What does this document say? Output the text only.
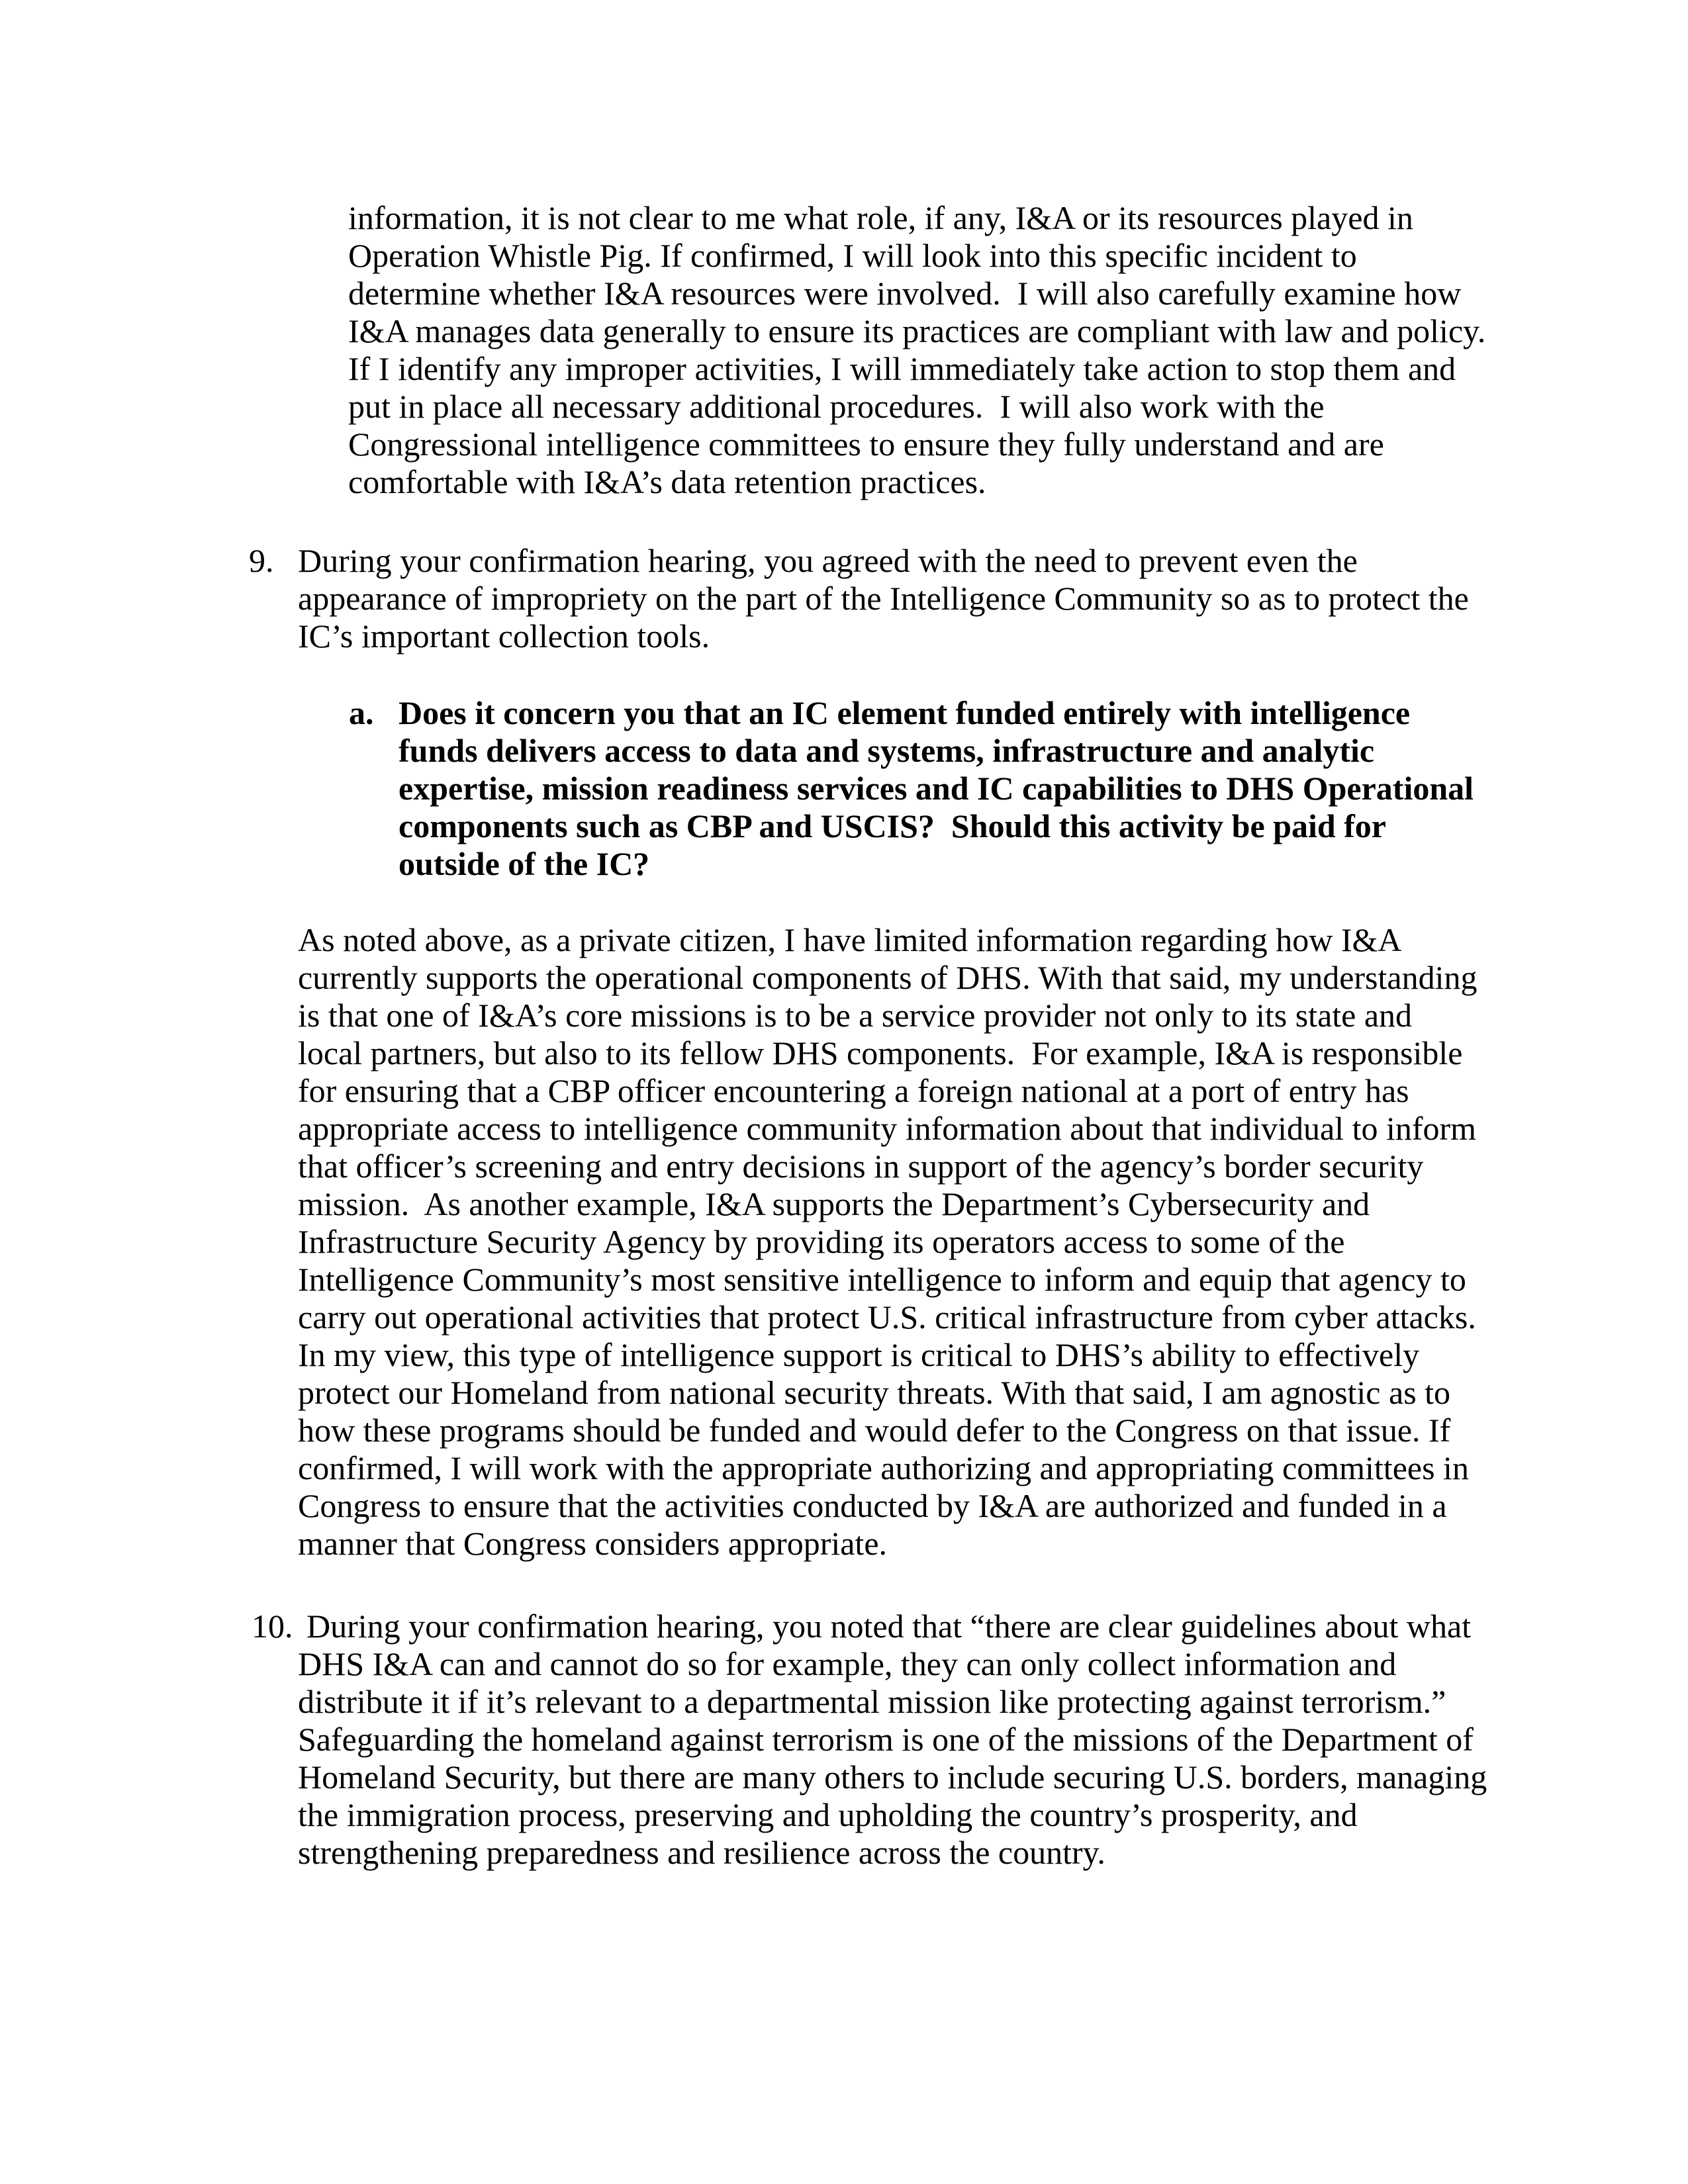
information, it is not clear to me what role, if any, I&A or its resources played in
Operation Whistle Pig. If confirmed, I will look into this specific incident to
determine whether I&A resources were involved.  I will also carefully examine how
I&A manages data generally to ensure its practices are compliant with law and policy.
If I identify any improper activities, I will immediately take action to stop them and
put in place all necessary additional procedures.  I will also work with the
Congressional intelligence committees to ensure they fully understand and are
comfortable with I&A’s data retention practices.
9. During your confirmation hearing, you agreed with the need to prevent even the
appearance of impropriety on the part of the Intelligence Community so as to protect the
IC’s important collection tools.
a. Does it concern you that an IC element funded entirely with intelligence
funds delivers access to data and systems, infrastructure and analytic
expertise, mission readiness services and IC capabilities to DHS Operational
components such as CBP and USCIS?  Should this activity be paid for
outside of the IC?
As noted above, as a private citizen, I have limited information regarding how I&A
currently supports the operational components of DHS. With that said, my understanding
is that one of I&A’s core missions is to be a service provider not only to its state and
local partners, but also to its fellow DHS components.  For example, I&A is responsible
for ensuring that a CBP officer encountering a foreign national at a port of entry has
appropriate access to intelligence community information about that individual to inform
that officer’s screening and entry decisions in support of the agency’s border security
mission.  As another example, I&A supports the Department’s Cybersecurity and
Infrastructure Security Agency by providing its operators access to some of the
Intelligence Community’s most sensitive intelligence to inform and equip that agency to
carry out operational activities that protect U.S. critical infrastructure from cyber attacks.
In my view, this type of intelligence support is critical to DHS’s ability to effectively
protect our Homeland from national security threats. With that said, I am agnostic as to
how these programs should be funded and would defer to the Congress on that issue. If
confirmed, I will work with the appropriate authorizing and appropriating committees in
Congress to ensure that the activities conducted by I&A are authorized and funded in a
manner that Congress considers appropriate.
10. During your confirmation hearing, you noted that “there are clear guidelines about what
DHS I&A can and cannot do so for example, they can only collect information and
distribute it if it’s relevant to a departmental mission like protecting against terrorism.”
Safeguarding the homeland against terrorism is one of the missions of the Department of
Homeland Security, but there are many others to include securing U.S. borders, managing
the immigration process, preserving and upholding the country’s prosperity, and
strengthening preparedness and resilience across the country.
